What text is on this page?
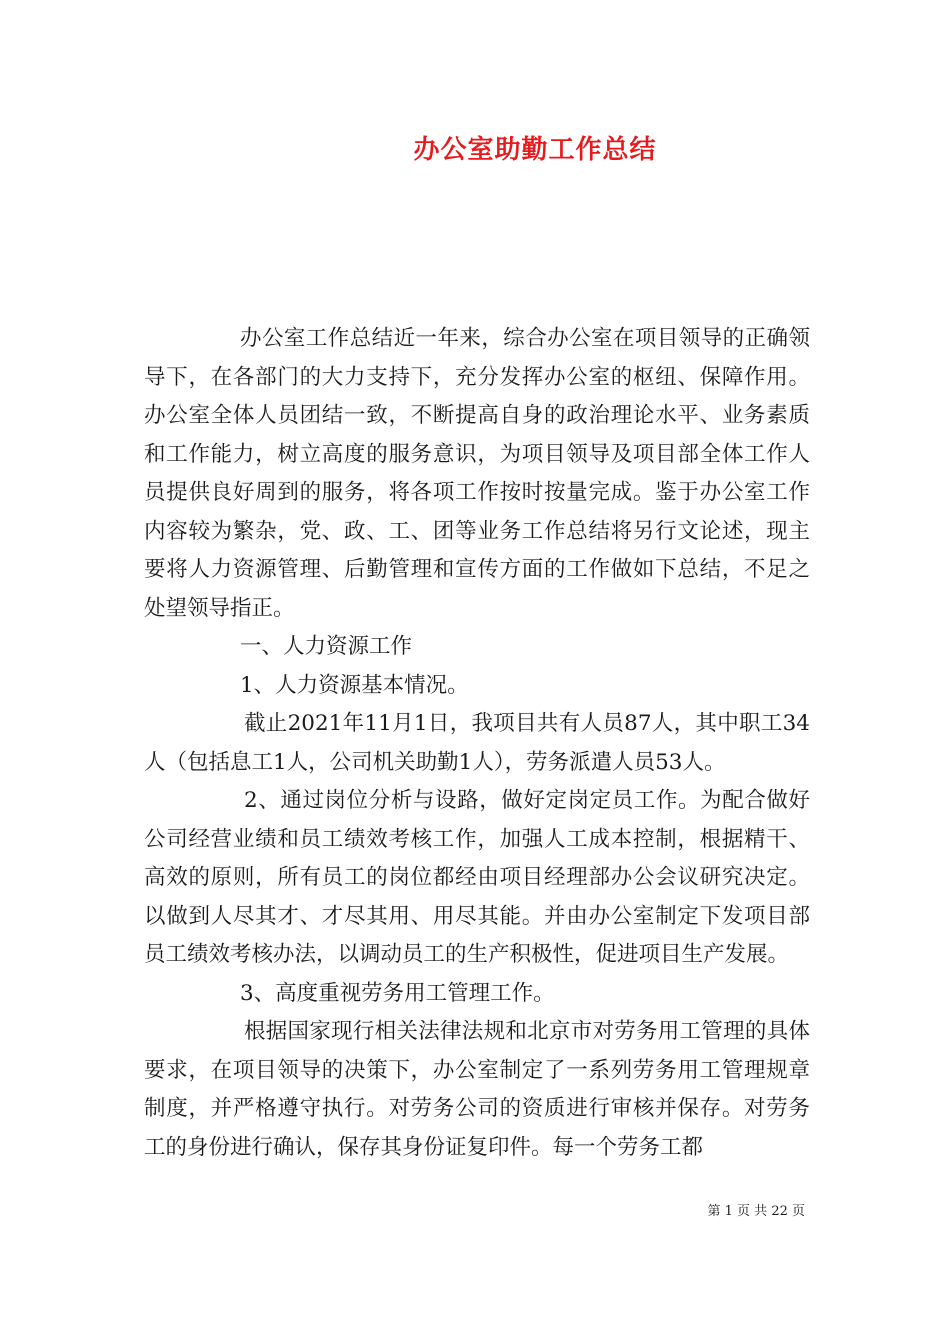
办公室助勤工作总结

办公室工作总结近一年来，综合办公室在项目领导的正确领导下，在各部门的大力支持下，充分发挥办公室的枢纽、保障作用。办公室全体人员团结一致，不断提高自身的政治理论水平、业务素质和工作能力，树立高度的服务意识，为项目领导及项目部全体工作人员提供良好周到的服务，将各项工作按时按量完成。鉴于办公室工作内容较为繁杂，党、政、工、团等业务工作总结将另行文论述，现主要将人力资源管理、后勤管理和宣传方面的工作做如下总结，不足之处望领导指正。

一、人力资源工作

1、人力资源基本情况。

截止2021年11月1日，我项目共有人员87人，其中职工34人（包括息工1人，公司机关助勤1人），劳务派遣人员53人。

2、通过岗位分析与设路，做好定岗定员工作。为配合做好公司经营业绩和员工绩效考核工作，加强人工成本控制，根据精干、高效的原则，所有员工的岗位都经由项目经理部办公会议研究决定。以做到人尽其才、才尽其用、用尽其能。并由办公室制定下发项目部员工绩效考核办法，以调动员工的生产积极性，促进项目生产发展。

3、高度重视劳务用工管理工作。

根据国家现行相关法律法规和北京市对劳务用工管理的具体要求，在项目领导的决策下，办公室制定了一系列劳务用工管理规章制度，并严格遵守执行。对劳务公司的资质进行审核并保存。对劳务工的身份进行确认，保存其身份证复印件。每一个劳务工都

第 1 页 共 22 页
